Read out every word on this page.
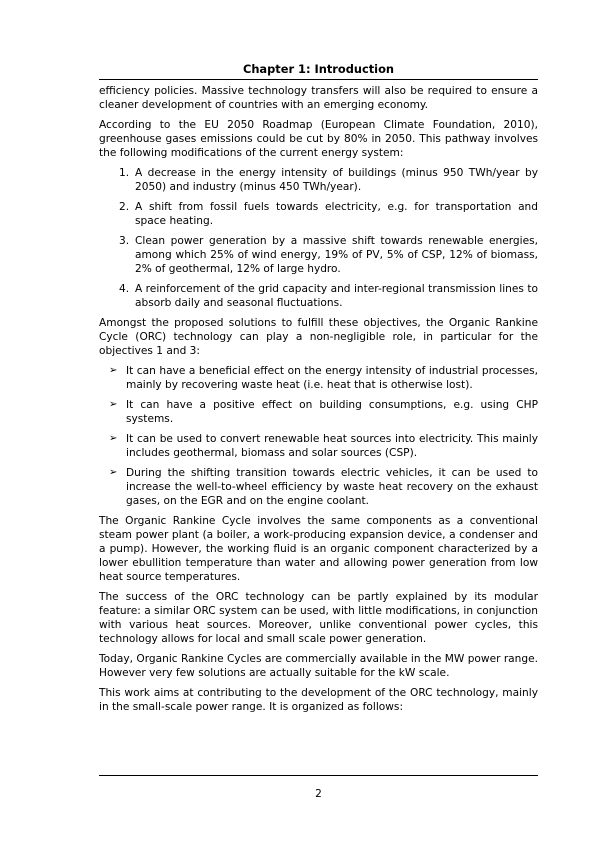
Chapter 1: Introduction

efficiency policies. Massive technology transfers will also be required to ensure a cleaner development of countries with an emerging economy.

According to the EU 2050 Roadmap (European Climate Foundation, 2010), greenhouse gases emissions could be cut by 80% in 2050. This pathway involves the following modifications of the current energy system:

1. A decrease in the energy intensity of buildings (minus 950 TWh/year by 2050) and industry (minus 450 TWh/year).
2. A shift from fossil fuels towards electricity, e.g. for transportation and space heating.
3. Clean power generation by a massive shift towards renewable energies, among which 25% of wind energy, 19% of PV, 5% of CSP, 12% of biomass, 2% of geothermal, 12% of large hydro.
4. A reinforcement of the grid capacity and inter-regional transmission lines to absorb daily and seasonal fluctuations.

Amongst the proposed solutions to fulfill these objectives, the Organic Rankine Cycle (ORC) technology can play a non-negligible role, in particular for the objectives 1 and 3:

➢ It can have a beneficial effect on the energy intensity of industrial processes, mainly by recovering waste heat (i.e. heat that is otherwise lost).
➢ It can have a positive effect on building consumptions, e.g. using CHP systems.
➢ It can be used to convert renewable heat sources into electricity. This mainly includes geothermal, biomass and solar sources (CSP).
➢ During the shifting transition towards electric vehicles, it can be used to increase the well-to-wheel efficiency by waste heat recovery on the exhaust gases, on the EGR and on the engine coolant.

The Organic Rankine Cycle involves the same components as a conventional steam power plant (a boiler, a work-producing expansion device, a condenser and a pump). However, the working fluid is an organic component characterized by a lower ebullition temperature than water and allowing power generation from low heat source temperatures.

The success of the ORC technology can be partly explained by its modular feature: a similar ORC system can be used, with little modifications, in conjunction with various heat sources. Moreover, unlike conventional power cycles, this technology allows for local and small scale power generation.

Today, Organic Rankine Cycles are commercially available in the MW power range. However very few solutions are actually suitable for the kW scale.

This work aims at contributing to the development of the ORC technology, mainly in the small-scale power range. It is organized as follows:

2
